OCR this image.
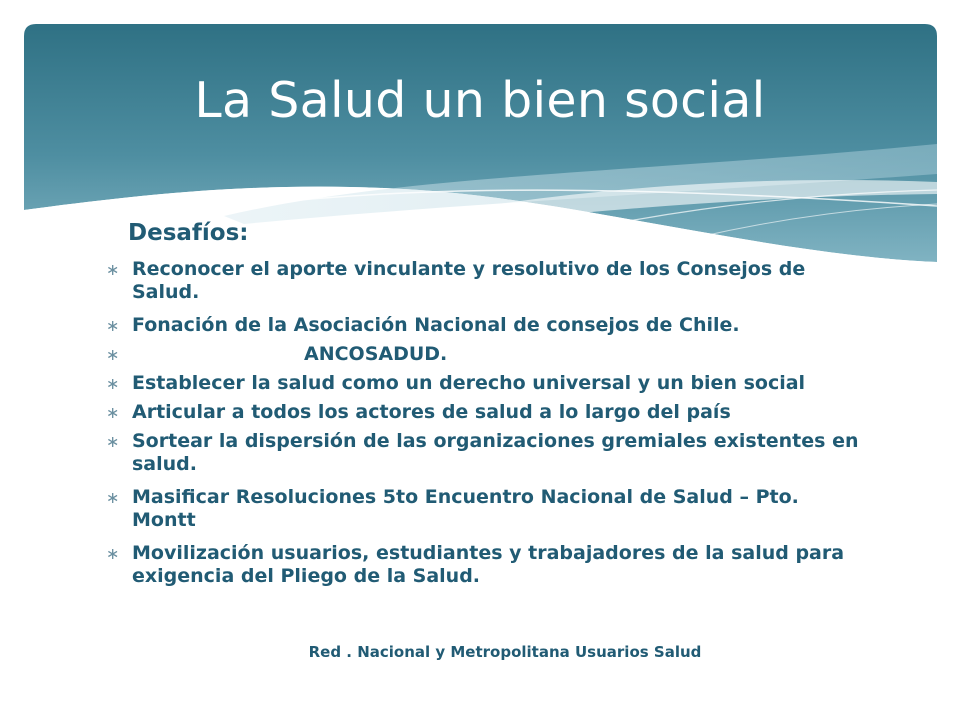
La Salud un bien social
Desafíos:
∗ Reconocer el aporte vinculante y resolutivo de los Consejos de Salud.
∗ Fonación de la Asociación Nacional de consejos de Chile.
∗	ANCOSADUD.
∗ Establecer la salud como un derecho universal y un bien social
∗ Articular a todos los actores de salud a lo largo del país
∗ Sortear la dispersión de las organizaciones gremiales existentes en salud.
∗ Masificar Resoluciones 5to Encuentro Nacional de Salud – Pto. Montt
∗ Movilización usuarios, estudiantes y trabajadores de la salud para exigencia del Pliego de la Salud.

Red . Nacional y Metropolitana Usuarios Salud
